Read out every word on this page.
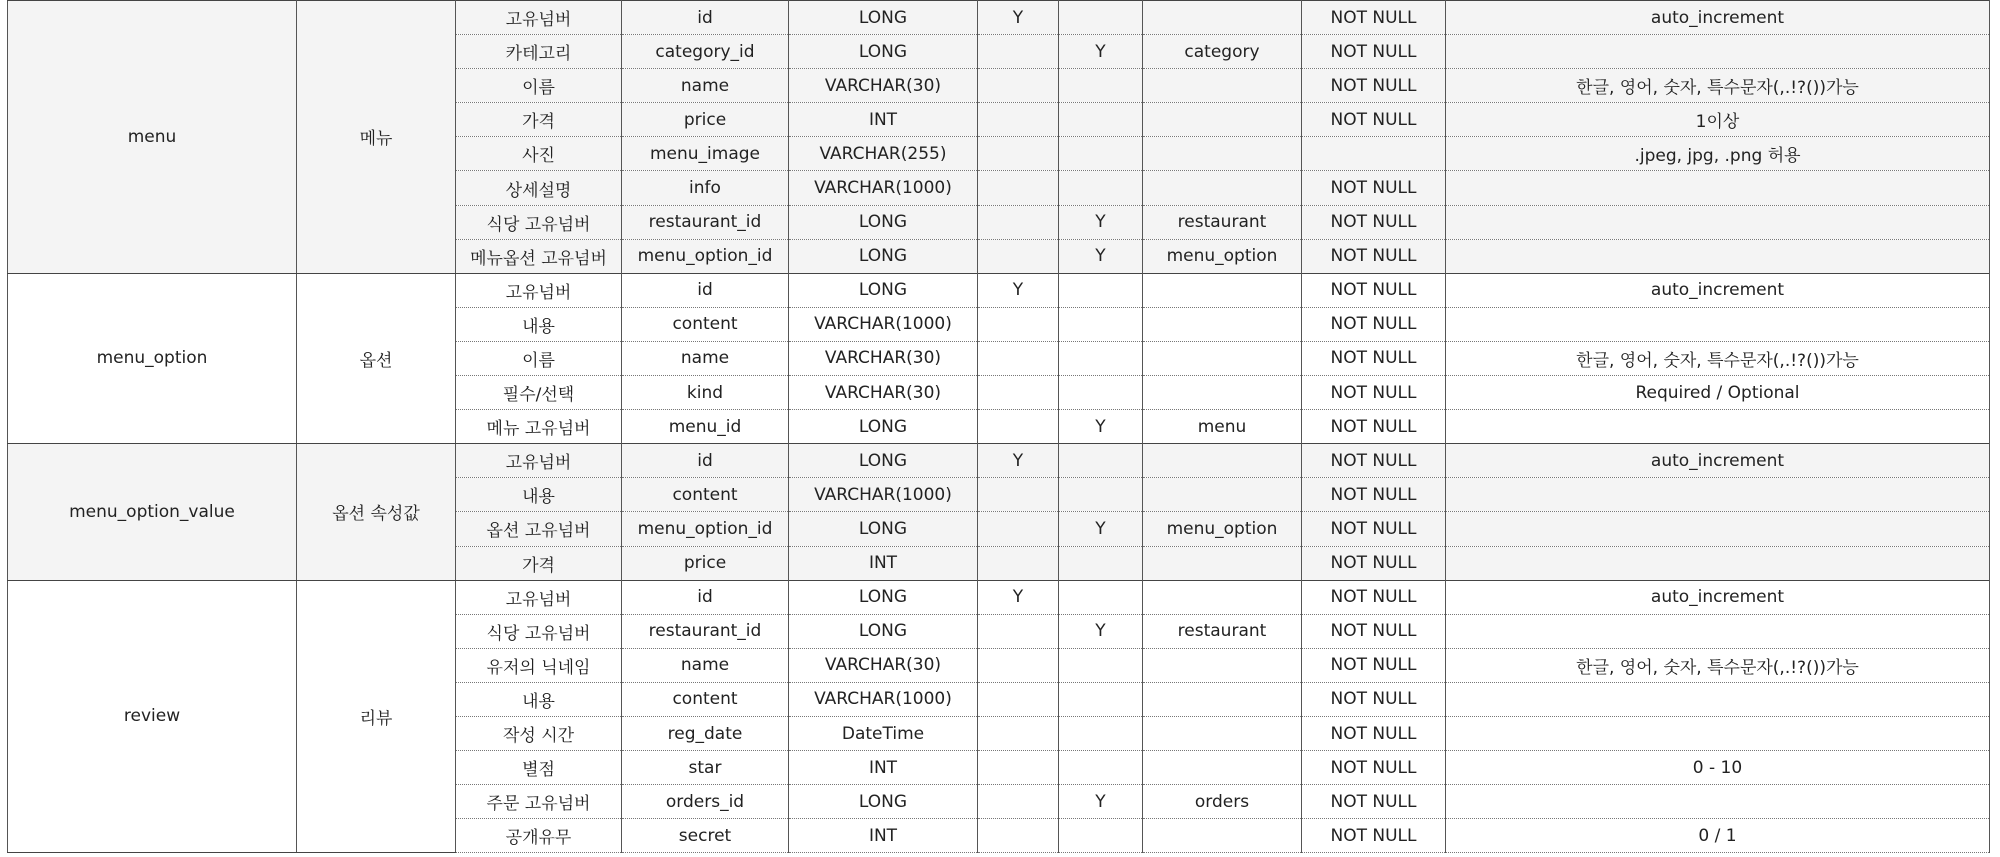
menu	메뉴	고유넘버	id	LONG	Y			NOT NULL	auto_increment
		카테고리	category_id	LONG		Y	category	NOT NULL	
		이름	name	VARCHAR(30)				NOT NULL	한글, 영어, 숫자, 특수문자(,.!?())가능
		가격	price	INT				NOT NULL	1이상
		사진	menu_image	VARCHAR(255)					.jpeg, jpg, .png 허용
		상세설명	info	VARCHAR(1000)				NOT NULL	
		식당 고유넘버	restaurant_id	LONG		Y	restaurant	NOT NULL	
		메뉴옵션 고유넘버	menu_option_id	LONG		Y	menu_option	NOT NULL	
menu_option	옵션	고유넘버	id	LONG	Y			NOT NULL	auto_increment
		내용	content	VARCHAR(1000)				NOT NULL	
		이름	name	VARCHAR(30)				NOT NULL	한글, 영어, 숫자, 특수문자(,.!?())가능
		필수/선택	kind	VARCHAR(30)				NOT NULL	Required / Optional
		메뉴 고유넘버	menu_id	LONG		Y	menu	NOT NULL	
menu_option_value	옵션 속성값	고유넘버	id	LONG	Y			NOT NULL	auto_increment
		내용	content	VARCHAR(1000)				NOT NULL	
		옵션 고유넘버	menu_option_id	LONG		Y	menu_option	NOT NULL	
		가격	price	INT				NOT NULL	
review	리뷰	고유넘버	id	LONG	Y			NOT NULL	auto_increment
		식당 고유넘버	restaurant_id	LONG		Y	restaurant	NOT NULL	
		유저의 닉네임	name	VARCHAR(30)				NOT NULL	한글, 영어, 숫자, 특수문자(,.!?())가능
		내용	content	VARCHAR(1000)				NOT NULL	
		작성 시간	reg_date	DateTime				NOT NULL	
		별점	star	INT				NOT NULL	0 - 10
		주문 고유넘버	orders_id	LONG		Y	orders	NOT NULL	
		공개유무	secret	INT				NOT NULL	0 / 1
